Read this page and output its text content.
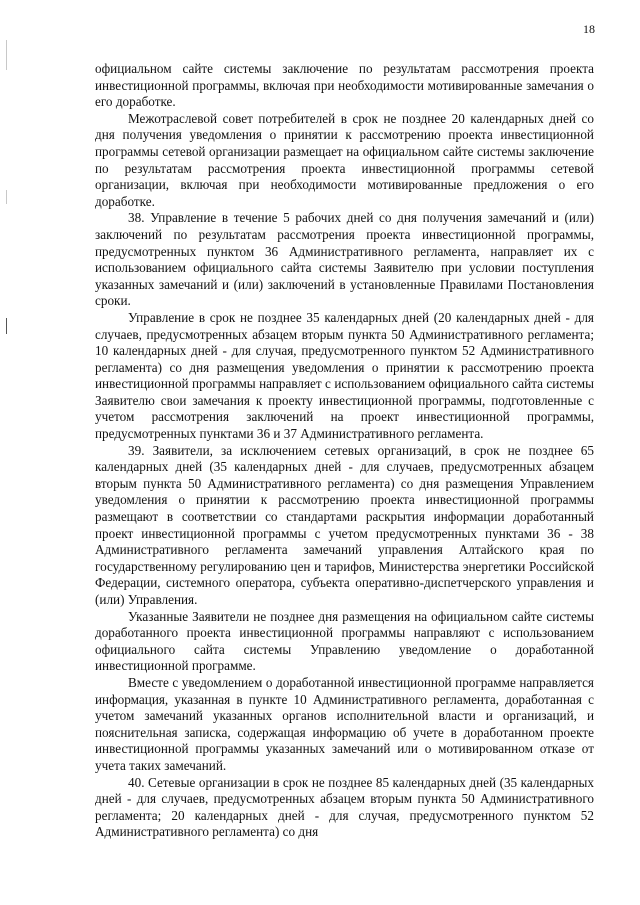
18

официальном сайте системы заключение по результатам рассмотрения проекта инвестиционной программы, включая при необходимости мотивированные замечания о его доработке.

Межотраслевой совет потребителей в срок не позднее 20 календарных дней со дня получения уведомления о принятии к рассмотрению проекта инвестиционной программы сетевой организации размещает на официальном сайте системы заключение по результатам рассмотрения проекта инвестиционной программы сетевой организации, включая при необходимости мотивированные предложения о его доработке.

38. Управление в течение 5 рабочих дней со дня получения замечаний и (или) заключений по результатам рассмотрения проекта инвестиционной программы, предусмотренных пунктом 36 Административного регламента, направляет их с использованием официального сайта системы Заявителю при условии поступления указанных замечаний и (или) заключений в установленные Правилами Постановления сроки.

Управление в срок не позднее 35 календарных дней (20 календарных дней - для случаев, предусмотренных абзацем вторым пункта 50 Административного регламента; 10 календарных дней - для случая, предусмотренного пунктом 52 Административного регламента) со дня размещения уведомления о принятии к рассмотрению проекта инвестиционной программы направляет с использованием официального сайта системы Заявителю свои замечания к проекту инвестиционной программы, подготовленные с учетом рассмотрения заключений на проект инвестиционной программы, предусмотренных пунктами 36 и 37 Административного регламента.

39. Заявители, за исключением сетевых организаций, в срок не позднее 65 календарных дней (35 календарных дней - для случаев, предусмотренных абзацем вторым пункта 50 Административного регламента) со дня размещения Управлением уведомления о принятии к рассмотрению проекта инвестиционной программы размещают в соответствии со стандартами раскрытия информации доработанный проект инвестиционной программы с учетом предусмотренных пунктами 36 - 38 Административного регламента замечаний управления Алтайского края по государственному регулированию цен и тарифов, Министерства энергетики Российской Федерации, системного оператора, субъекта оперативно-диспетчерского управления и (или) Управления.

Указанные Заявители не позднее дня размещения на официальном сайте системы доработанного проекта инвестиционной программы направляют с использованием официального сайта системы Управлению уведомление о доработанной инвестиционной программе.

Вместе с уведомлением о доработанной инвестиционной программе направляется информация, указанная в пункте 10 Административного регламента, доработанная с учетом замечаний указанных органов исполнительной власти и организаций, и пояснительная записка, содержащая информацию об учете в доработанном проекте инвестиционной программы указанных замечаний или о мотивированном отказе от учета таких замечаний.

40. Сетевые организации в срок не позднее 85 календарных дней (35 календарных дней - для случаев, предусмотренных абзацем вторым пункта 50 Административного регламента; 20 календарных дней - для случая, предусмотренного пунктом 52 Административного регламента) со дня
